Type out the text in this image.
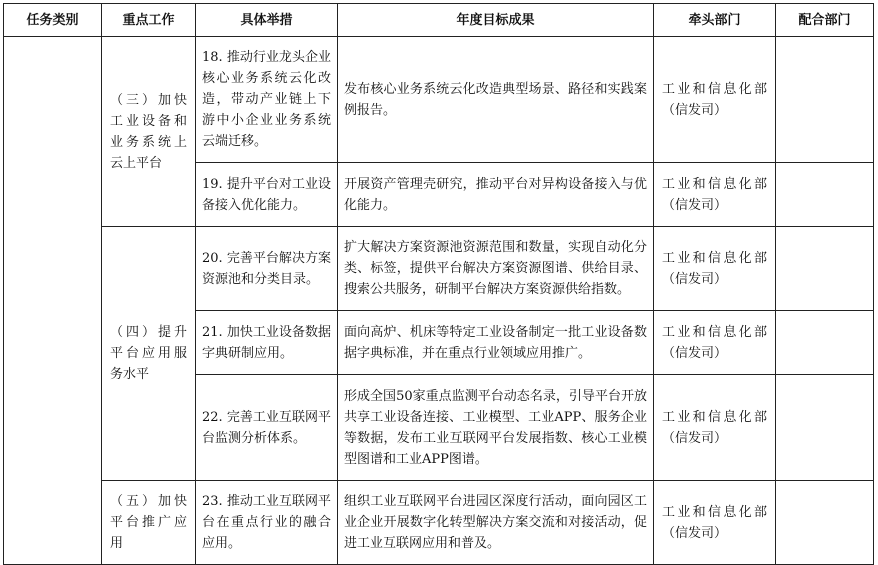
任务类别	重点工作	具体举措	年度目标成果	牵头部门	配合部门
	（三）加快工业设备和业务系统上云上平台	18. 推动行业龙头企业核心业务系统云化改造，带动产业链上下游中小企业业务系统云端迁移。	发布核心业务系统云化改造典型场景、路径和实践案例报告。	工业和信息化部（信发司）	
		19. 提升平台对工业设备接入优化能力。	开展资产管理壳研究，推动平台对异构设备接入与优化能力。	工业和信息化部（信发司）	
	（四）提升平台应用服务水平	20. 完善平台解决方案资源池和分类目录。	扩大解决方案资源池资源范围和数量，实现自动化分类、标签，提供平台解决方案资源图谱、供给目录、搜索公共服务，研制平台解决方案资源供给指数。	工业和信息化部（信发司）	
		21. 加快工业设备数据字典研制应用。	面向高炉、机床等特定工业设备制定一批工业设备数据字典标准，并在重点行业领域应用推广。	工业和信息化部（信发司）	
		22. 完善工业互联网平台监测分析体系。	形成全国50家重点监测平台动态名录，引导平台开放共享工业设备连接、工业模型、工业APP、服务企业等数据，发布工业互联网平台发展指数、核心工业模型图谱和工业APP图谱。	工业和信息化部（信发司）	
	（五）加快平台推广应用	23. 推动工业互联网平台在重点行业的融合应用。	组织工业互联网平台进园区深度行活动，面向园区工业企业开展数字化转型解决方案交流和对接活动，促进工业互联网应用和普及。	工业和信息化部（信发司）	
